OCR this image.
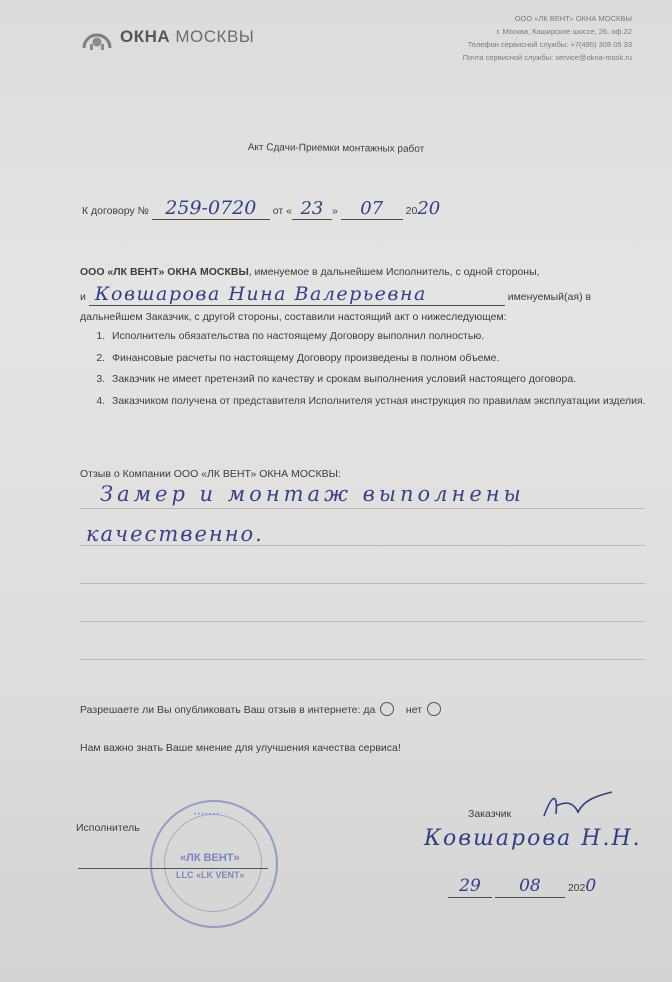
ОКНА МОСКВЫ
ООО «ЛК ВЕНТ» ОКНА МОСКВЫ
г. Москва, Каширское шоссе, 26, оф.22
Телефон сервисной службы: +7(495) 308 05 33
Почта сервисной службы: service@okna-mosk.ru
Акт Сдачи-Приемки монтажных работ
К договору № 259-0720 от « 23 » 07 2020
ООО «ЛК ВЕНТ» ОКНА МОСКВЫ, именуемое в дальнейшем Исполнитель, с одной стороны,
и Ковшарова Нина Валерьевна	именуемый(ая) в
дальнейшем Заказчик, с другой стороны, составили настоящий акт о нижеследующем:
1. Исполнитель обязательства по настоящему Договору выполнил полностью.
2. Финансовые расчеты по настоящему Договору произведены в полном объеме.
3. Заказчик не имеет претензий по качеству и срокам выполнения условий настоящего договора.
4. Заказчиком получена от представителя Исполнителя устная инструкция по правилам эксплуатации изделия.
Отзыв о Компании ООО «ЛК ВЕНТ» ОКНА МОСКВЫ:
Замер и монтаж выполнены
качественно.
Разрешаете ли Вы опубликовать Ваш отзыв в интернете: да	нет
Нам важно знать Ваше мнение для улучшения качества сервиса!
Исполнитель
• • • • • • •
«ЛК ВЕНТ»
LLC «LK VENT»
Заказчик
Ковшарова Н.Н.
29 08	2020
